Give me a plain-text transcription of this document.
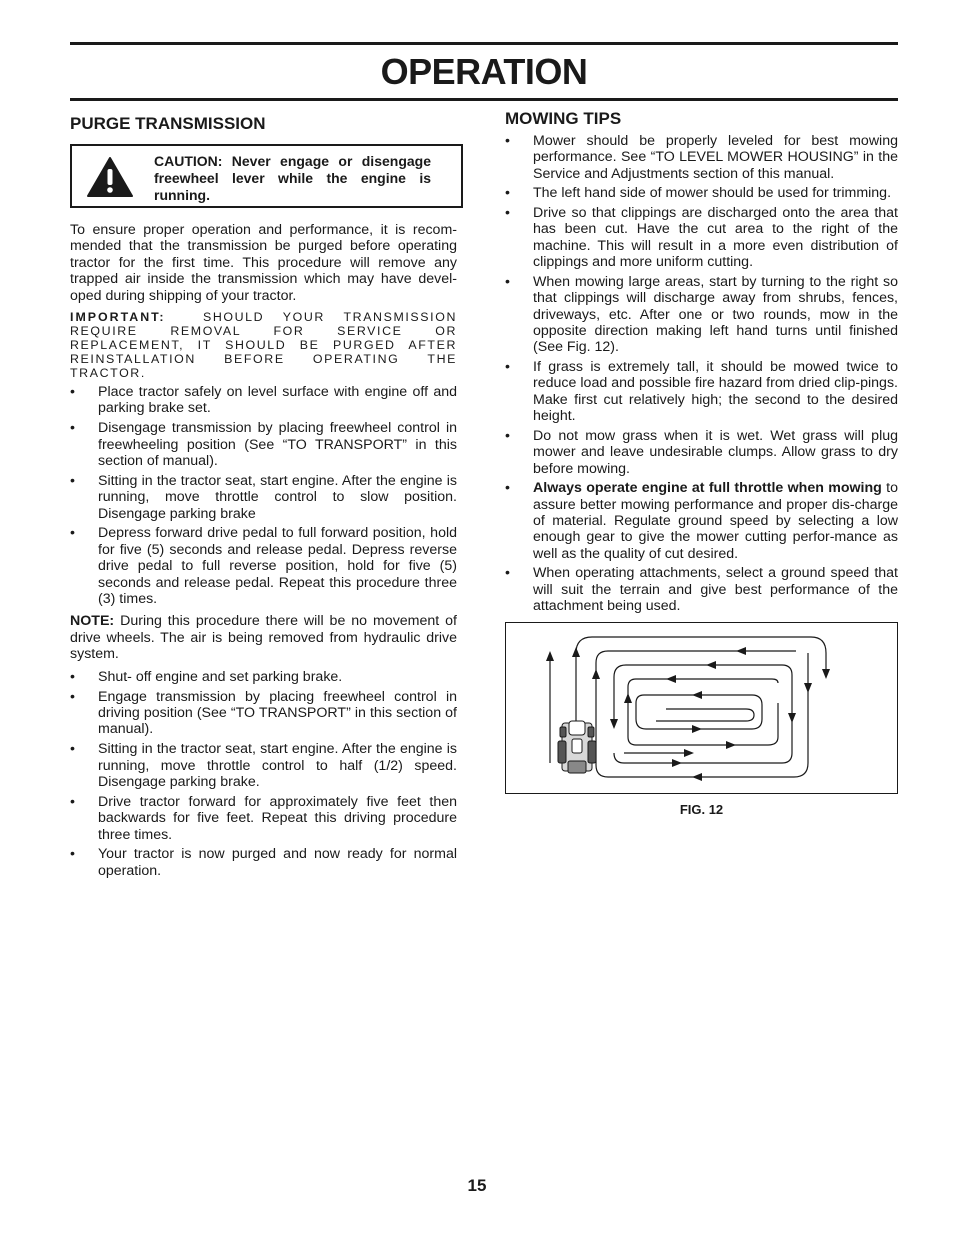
OPERATION
PURGE TRANSMISSION
CAUTION: Never engage or disengage freewheel lever while the engine is running.

To ensure proper operation and performance, it is recom-mended that the transmission be purged before operating tractor for the first time. This procedure will remove any trapped air inside the transmission which may have devel-oped during shipping of your tractor.

IMPORTANT:	SHOULD YOUR TRANSMISSION REQUIRE REMOVAL FOR SERVICE OR REPLACEMENT, IT SHOULD BE PURGED AFTER REINSTALLATION BEFORE OPERATING THE TRACTOR.

• Place tractor safely on level surface with engine off and parking brake set.
• Disengage transmission by placing freewheel control in freewheeling position (See “TO TRANSPORT” in this section of manual).
• Sitting in the tractor seat, start engine. After the engine is running, move throttle control to slow position. Disengage parking brake
• Depress forward drive pedal to full forward position, hold for five (5) seconds and release pedal. Depress reverse drive pedal to full reverse position, hold for five (5) seconds and release pedal. Repeat this procedure three (3) times.

NOTE: During this procedure there will be no movement of drive wheels. The air is being removed from hydraulic drive system.

• Shut- off engine and set parking brake.
• Engage transmission by placing freewheel control in driving position (See “TO TRANSPORT” in this section of manual).
• Sitting in the tractor seat, start engine. After the engine is running, move throttle control to half (1/2) speed. Disengage parking brake.
• Drive tractor forward for approximately five feet then backwards for five feet. Repeat this driving procedure three times.
• Your tractor is now purged and now ready for normal operation.
MOWING TIPS
• Mower should be properly leveled for best mowing performance. See “TO LEVEL MOWER HOUSING” in the Service and Adjustments section of this manual.
• The left hand side of mower should be used for trimming.
• Drive so that clippings are discharged onto the area that has been cut. Have the cut area to the right of the machine. This will result in a more even distribution of clippings and more uniform cutting.
• When mowing large areas, start by turning to the right so that clippings will discharge away from shrubs, fences, driveways, etc. After one or two rounds, mow in the opposite direction making left hand turns until finished (See Fig. 12).
• If grass is extremely tall, it should be mowed twice to reduce load and possible fire hazard from dried clip-pings. Make first cut relatively high; the second to the desired height.
• Do not mow grass when it is wet. Wet grass will plug mower and leave undesirable clumps. Allow grass to dry before mowing.
• Always operate engine at full throttle when mowing to assure better mowing performance and proper dis-charge of material. Regulate ground speed by selecting a low enough gear to give the mower cutting perfor-mance as well as the quality of cut desired.
• When operating attachments, select a ground speed that will suit the terrain and give best performance of the attachment being used.
FIG. 12
15
